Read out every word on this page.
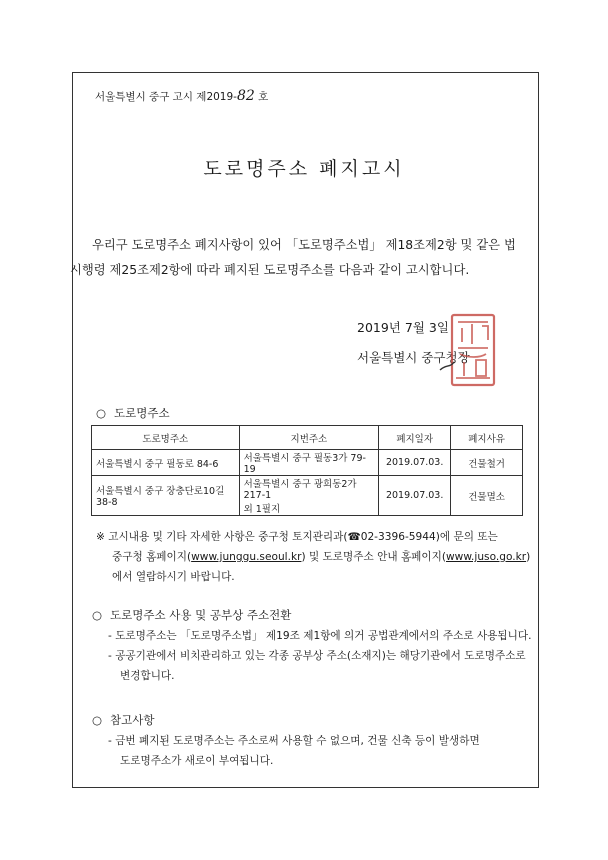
서울특별시 중구 고시 제2019-82 호
도로명주소 폐지고시

우리구 도로명주소 폐지사항이 있어 「도로명주소법」 제18조제2항 및 같은 법

시행령 제25조제2항에 따라 폐지된 도로명주소를 다음과 같이 고시합니다.

2019년 7월 3일
서울특별시 중구청장
○ 도로명주소
도로명주소	지번주소	폐지일자	폐지사유
서울특별시 중구 필동로 84-6	서울특별시 중구 필동3가 79-19	2019.07.03.	건물철거
서울특별시 중구 장충단로10길 38-8	서울특별시 중구 광희동2가 217-1
외 1필지	2019.07.03.	건물멸소
※ 고시내용 및 기타 자세한 사항은 중구청 토지관리과(☎02-3396-5944)에 문의 또는
중구청 홈페이지(www.junggu.seoul.kr) 및 도로명주소 안내 홈페이지(www.juso.go.kr)
에서 열람하시기 바랍니다.
○ 도로명주소 사용 및 공부상 주소전환
- 도로명주소는 「도로명주소법」 제19조 제1항에 의거 공법관계에서의 주소로 사용됩니다.
- 공공기관에서 비치관리하고 있는 각종 공부상 주소(소재지)는 해당기관에서 도로명주소로
변경합니다.
○ 참고사항
- 금번 폐지된 도로명주소는 주소로써 사용할 수 없으며, 건물 신축 등이 발생하면
도로명주소가 새로이 부여됩니다.
